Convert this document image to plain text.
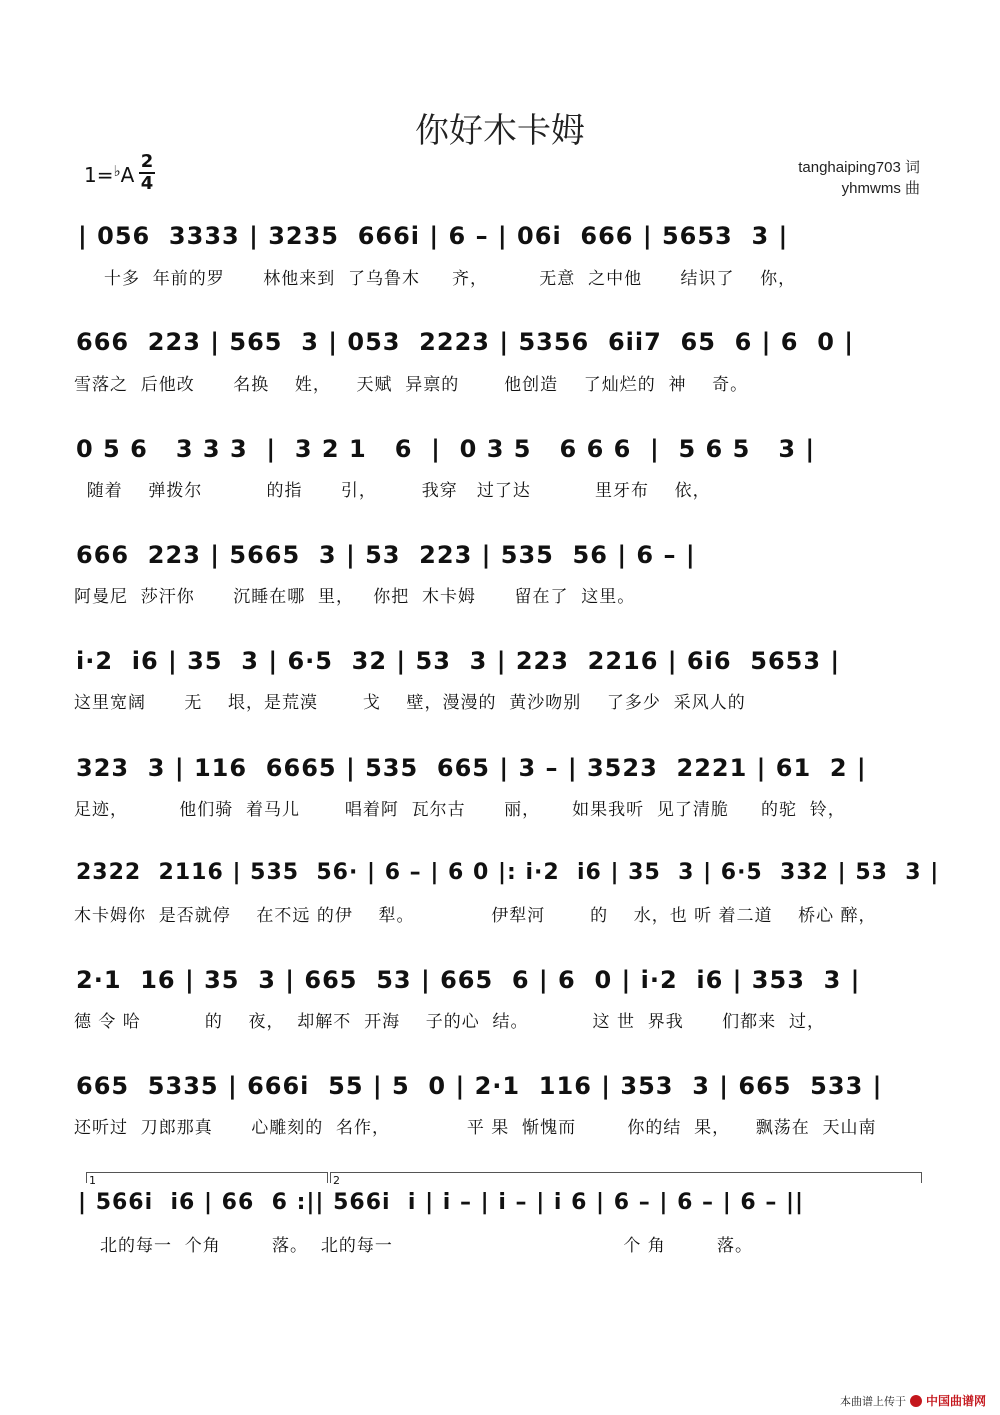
你好木卡姆
1=♭A
2
4
tanghaiping703 词
yhmwms 曲
| 056  3333 | 3235  666i | 6 – | 06i  666 | 5653  3 |
十多  年前的罗      林他来到  了乌鲁木     齐，        无意  之中他      结识了    你，
666  223 | 565  3 | 053  2223 | 5356  6ii7  65  6 | 6  0 |
雪落之  后他改      名换    姓，    天赋  异禀的       他创造    了灿烂的  神    奇。
0 5 6   3 3 3  |  3 2 1   6  |  0 3 5   6 6 6  |  5 6 5   3 |
随着    弹拨尔          的指      引，       我穿   过了达          里牙布    依，
666  223 | 5665  3 | 53  223 | 535  56 | 6 – |
阿曼尼  莎汗你      沉睡在哪  里，   你把  木卡姆      留在了  这里。
i·2  i6 | 35  3 | 6·5  32 | 53  3 | 223  2216 | 6i6  5653 |
这里宽阔      无    垠，是荒漠       戈    壁，漫漫的  黄沙吻别    了多少  采风人的
323  3 | 116  6665 | 535  665 | 3 – | 3523  2221 | 61  2 |
足迹，        他们骑  着马儿       唱着阿  瓦尔古      丽，     如果我听  见了清脆     的驼  铃，
2322  2116 | 535  56· | 6 – | 6 0 |: i·2  i6 | 35  3 | 6·5  332 | 53  3 |
木卡姆你  是否就停    在不远 的伊    犁。            伊犁河       的    水，也 听 着二道    桥心 醉，
2·1  16 | 35  3 | 665  53 | 665  6 | 6  0 | i·2  i6 | 353  3 |
德 令 哈          的    夜，  却解不  开海    子的心  结。          这 世  界我      们都来  过，
665  5335 | 666i  55 | 5  0 | 2·1  116 | 353  3 | 665  533 |
还听过  刀郎那真      心雕刻的  名作，            平 果  惭愧而        你的结  果，    飘荡在  天山南
1	2
| 566i  i6 | 66  6 :|| 566i  i | i – | i – | i 6 | 6 – | 6 – | 6 – ||
北的每一  个角        落。  北的每一                                    个 角        落。
本曲谱上传于 中国曲谱网
